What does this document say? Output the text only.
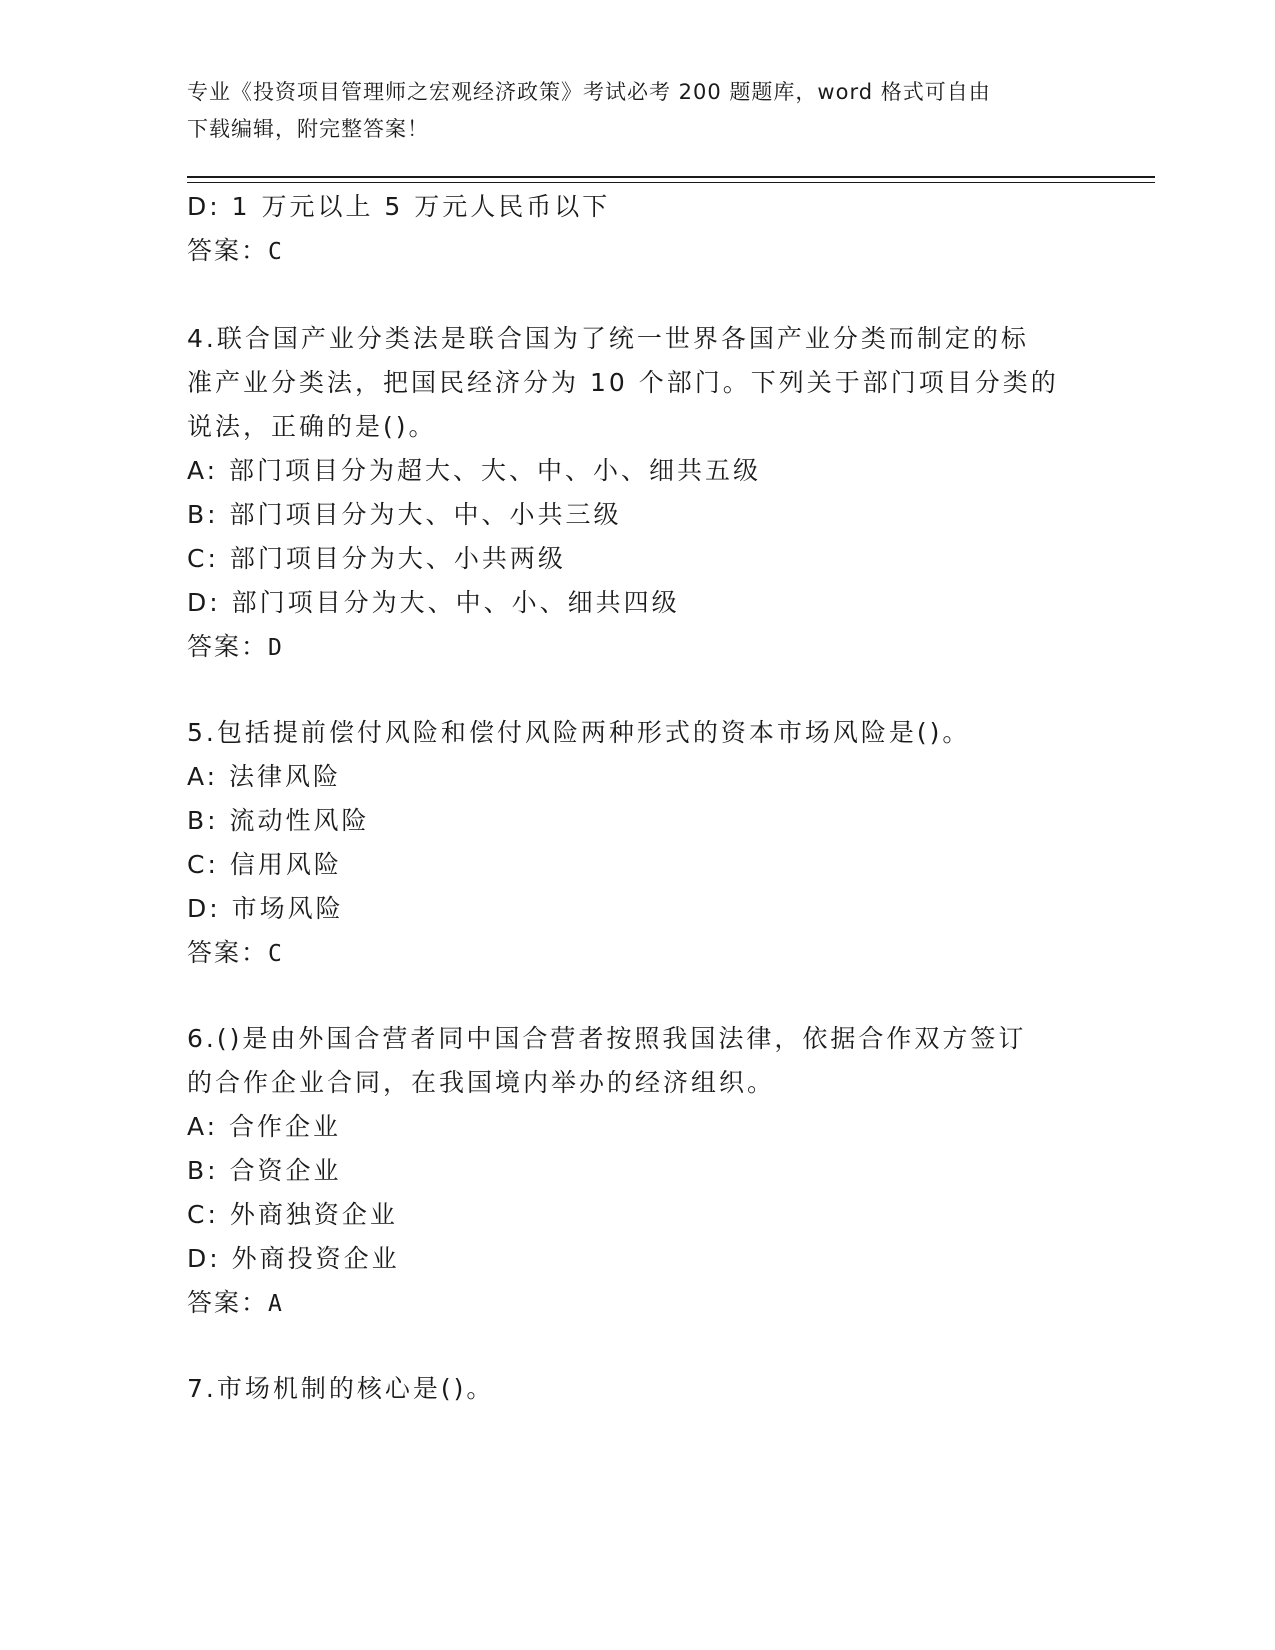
专业《投资项目管理师之宏观经济政策》考试必考 200 题题库，word 格式可自由
下载编辑，附完整答案！
D: 1 万元以上 5 万元人民币以下
答案：C
4.联合国产业分类法是联合国为了统一世界各国产业分类而制定的标
准产业分类法，把国民经济分为 10 个部门。下列关于部门项目分类的
说法，正确的是()。
A: 部门项目分为超大、大、中、小、细共五级
B: 部门项目分为大、中、小共三级
C: 部门项目分为大、小共两级
D: 部门项目分为大、中、小、细共四级
答案：D
5.包括提前偿付风险和偿付风险两种形式的资本市场风险是()。
A: 法律风险
B: 流动性风险
C: 信用风险
D: 市场风险
答案：C
6.()是由外国合营者同中国合营者按照我国法律，依据合作双方签订
的合作企业合同，在我国境内举办的经济组织。
A: 合作企业
B: 合资企业
C: 外商独资企业
D: 外商投资企业
答案：A
7.市场机制的核心是()。
